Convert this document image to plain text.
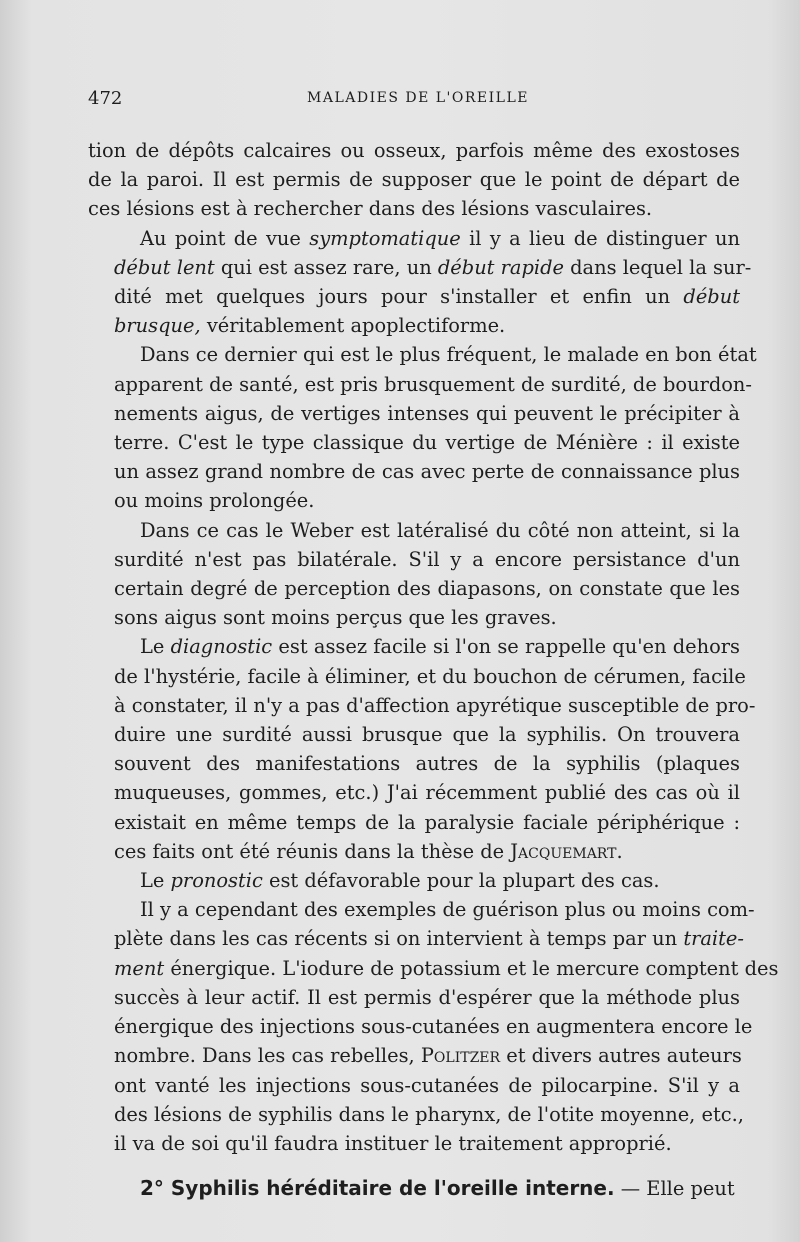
472	MALADIES DE L'OREILLE

tion de dépôts calcaires ou osseux, parfois même des exostoses
de la paroi. Il est permis de supposer que le point de départ de
ces lésions est à rechercher dans des lésions vasculaires.

Au point de vue symptomatique il y a lieu de distinguer un
début lent qui est assez rare, un début rapide dans lequel la sur-
dité met quelques jours pour s'installer et enfin un début
brusque, véritablement apoplectiforme.

Dans ce dernier qui est le plus fréquent, le malade en bon état
apparent de santé, est pris brusquement de surdité, de bourdon-
nements aigus, de vertiges intenses qui peuvent le précipiter à
terre. C'est le type classique du vertige de Ménière : il existe
un assez grand nombre de cas avec perte de connaissance plus
ou moins prolongée.

Dans ce cas le Weber est latéralisé du côté non atteint, si la
surdité n'est pas bilatérale. S'il y a encore persistance d'un
certain degré de perception des diapasons, on constate que les
sons aigus sont moins perçus que les graves.

Le diagnostic est assez facile si l'on se rappelle qu'en dehors
de l'hystérie, facile à éliminer, et du bouchon de cérumen, facile
à constater, il n'y a pas d'affection apyrétique susceptible de pro-
duire une surdité aussi brusque que la syphilis. On trouvera
souvent des manifestations autres de la syphilis (plaques
muqueuses, gommes, etc.) J'ai récemment publié des cas où il
existait en même temps de la paralysie faciale périphérique :
ces faits ont été réunis dans la thèse de Jacquemart.

Le pronostic est défavorable pour la plupart des cas.

Il y a cependant des exemples de guérison plus ou moins com-
plète dans les cas récents si on intervient à temps par un traite-
ment énergique. L'iodure de potassium et le mercure comptent des
succès à leur actif. Il est permis d'espérer que la méthode plus
énergique des injections sous-cutanées en augmentera encore le
nombre. Dans les cas rebelles, Politzer et divers autres auteurs
ont vanté les injections sous-cutanées de pilocarpine. S'il y a
des lésions de syphilis dans le pharynx, de l'otite moyenne, etc.,
il va de soi qu'il faudra instituer le traitement approprié.

2° Syphilis héréditaire de l'oreille interne. — Elle peut
